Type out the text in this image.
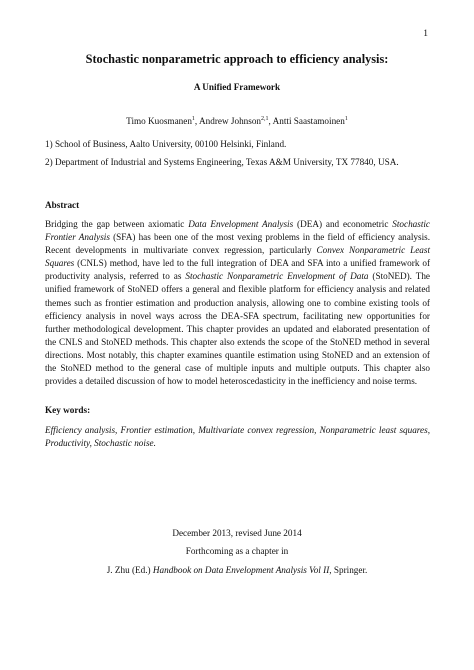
1
Stochastic nonparametric approach to efficiency analysis:
A Unified Framework
Timo Kuosmanen$^1$, Andrew Johnson$^{2,1}$, Antti Saastamoinen$^1$
1) School of Business, Aalto University, 00100 Helsinki, Finland.
2) Department of Industrial and Systems Engineering, Texas A&M University, TX 77840, USA.
Abstract

Bridging the gap between axiomatic Data Envelopment Analysis (DEA) and econometric Stochastic Frontier Analysis (SFA) has been one of the most vexing problems in the field of efficiency analysis. Recent developments in multivariate convex regression, particularly Convex Nonparametric Least Squares (CNLS) method, have led to the full integration of DEA and SFA into a unified framework of productivity analysis, referred to as Stochastic Nonparametric Envelopment of Data (StoNED). The unified framework of StoNED offers a general and flexible platform for efficiency analysis and related themes such as frontier estimation and production analysis, allowing one to combine existing tools of efficiency analysis in novel ways across the DEA-SFA spectrum, facilitating new opportunities for further methodological development. This chapter provides an updated and elaborated presentation of the CNLS and StoNED methods. This chapter also extends the scope of the StoNED method in several directions. Most notably, this chapter examines quantile estimation using StoNED and an extension of the StoNED method to the general case of multiple inputs and multiple outputs. This chapter also provides a detailed discussion of how to model heteroscedasticity in the inefficiency and noise terms.

Key words:

Efficiency analysis, Frontier estimation, Multivariate convex regression, Nonparametric least squares, Productivity, Stochastic noise.

December 2013, revised June 2014
Forthcoming as a chapter in
J. Zhu (Ed.) Handbook on Data Envelopment Analysis Vol II, Springer.
